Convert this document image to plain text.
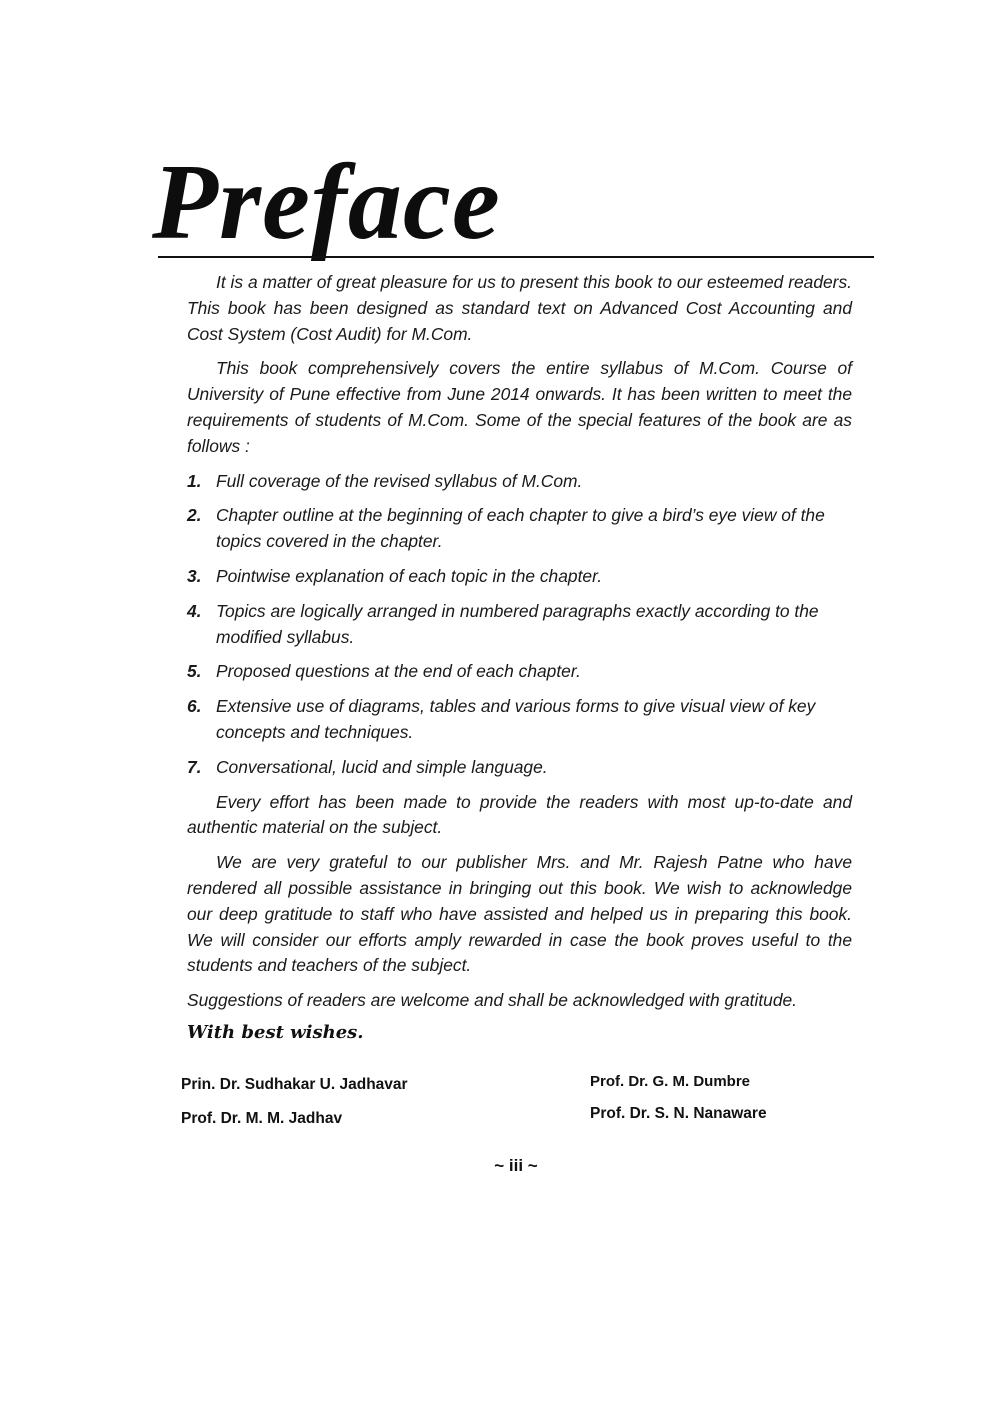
Preface

It is a matter of great pleasure for us to present this book to our esteemed readers. This book has been designed as standard text on Advanced Cost Accounting and Cost System (Cost Audit) for M.Com.

This book comprehensively covers the entire syllabus of M.Com. Course of University of Pune effective from June 2014 onwards. It has been written to meet the requirements of students of M.Com. Some of the special features of the book are as follows :

1. Full coverage of the revised syllabus of M.Com.
2. Chapter outline at the beginning of each chapter to give a bird’s eye view of the topics covered in the chapter.
3. Pointwise explanation of each topic in the chapter.
4. Topics are logically arranged in numbered paragraphs exactly according to the modified syllabus.
5. Proposed questions at the end of each chapter.
6. Extensive use of diagrams, tables and various forms to give visual view of key concepts and techniques.
7. Conversational, lucid and simple language.

Every effort has been made to provide the readers with most up-to-date and authentic material on the subject.

We are very grateful to our publisher Mrs. and Mr. Rajesh Patne who have rendered all possible assistance in bringing out this book. We wish to acknowledge our deep gratitude to staff who have assisted and helped us in preparing this book. We will consider our efforts amply rewarded in case the book proves useful to the students and teachers of the subject.

Suggestions of readers are welcome and shall be acknowledged with gratitude.

With best wishes.
Prin. Dr. Sudhakar U. Jadhavar
Prof. Dr. M. M. Jadhav
Prof. Dr. G. M. Dumbre
Prof. Dr. S. N. Nanaware
~ iii ~
